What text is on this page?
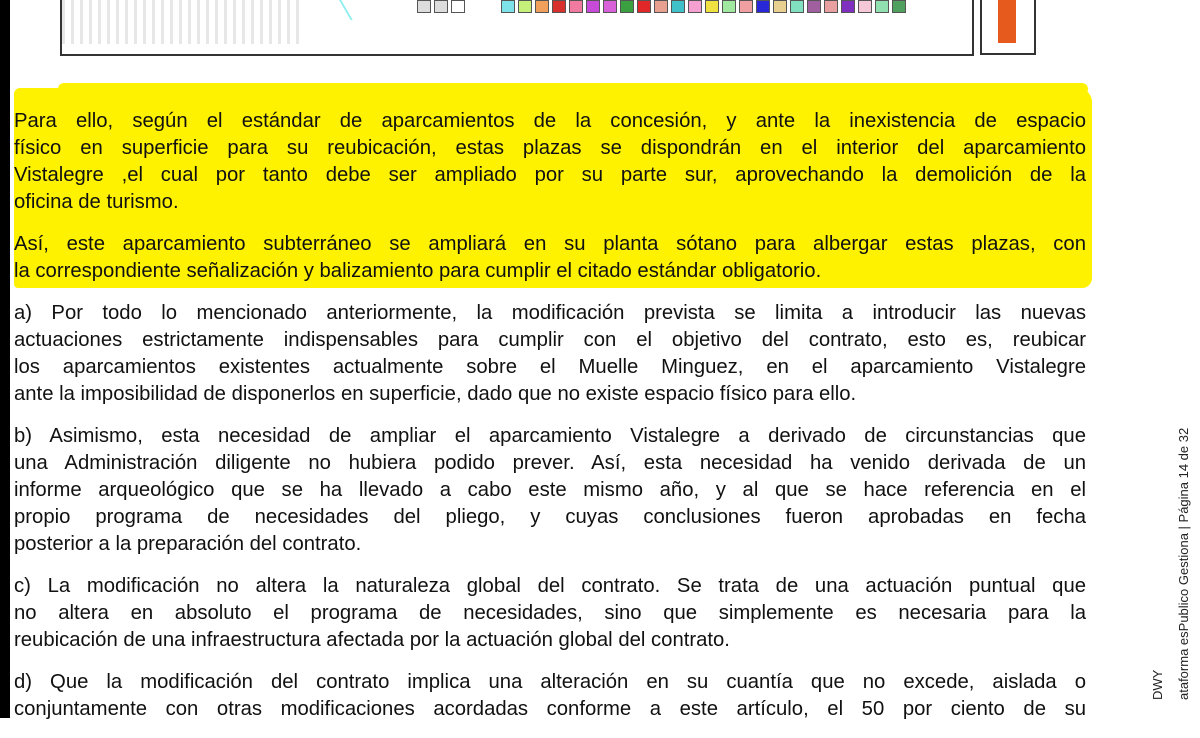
Para ello, según el estándar de aparcamientos de la concesión, y ante la inexistencia de espacio
físico en superficie para su reubicación, estas plazas se dispondrán en el interior del aparcamiento
Vistalegre ,el cual por tanto debe ser ampliado por su parte sur, aprovechando la demolición de la
oficina de turismo.
Así, este aparcamiento subterráneo se ampliará en su planta sótano para albergar estas plazas, con
la correspondiente señalización y balizamiento para cumplir el citado estándar obligatorio.
a) Por todo lo mencionado anteriormente, la modificación prevista se limita a introducir las nuevas
actuaciones estrictamente indispensables para cumplir con el objetivo del contrato, esto es, reubicar
los aparcamientos existentes actualmente sobre el Muelle Minguez, en el aparcamiento Vistalegre
ante la imposibilidad de disponerlos en superficie, dado que no existe espacio físico para ello.
b) Asimismo, esta necesidad de ampliar el aparcamiento Vistalegre a derivado de circunstancias que
una Administración diligente no hubiera podido prever. Así, esta necesidad ha venido derivada de un
informe arqueológico que se ha llevado a cabo este mismo año, y al que se hace referencia en el
propio programa de necesidades del pliego, y cuyas conclusiones fueron aprobadas en fecha
posterior a la preparación del contrato.
c) La modificación no altera la naturaleza global del contrato. Se trata de una actuación puntual que
no altera en absoluto el programa de necesidades, sino que simplemente es necesaria para la
reubicación de una infraestructura afectada por la actuación global del contrato.
d) Que la modificación del contrato implica una alteración en su cuantía que no excede, aislada o
conjuntamente con otras modificaciones acordadas conforme a este artículo, el 50 por ciento de su
DWY ataforma esPublico Gestiona | Página 14 de 32
